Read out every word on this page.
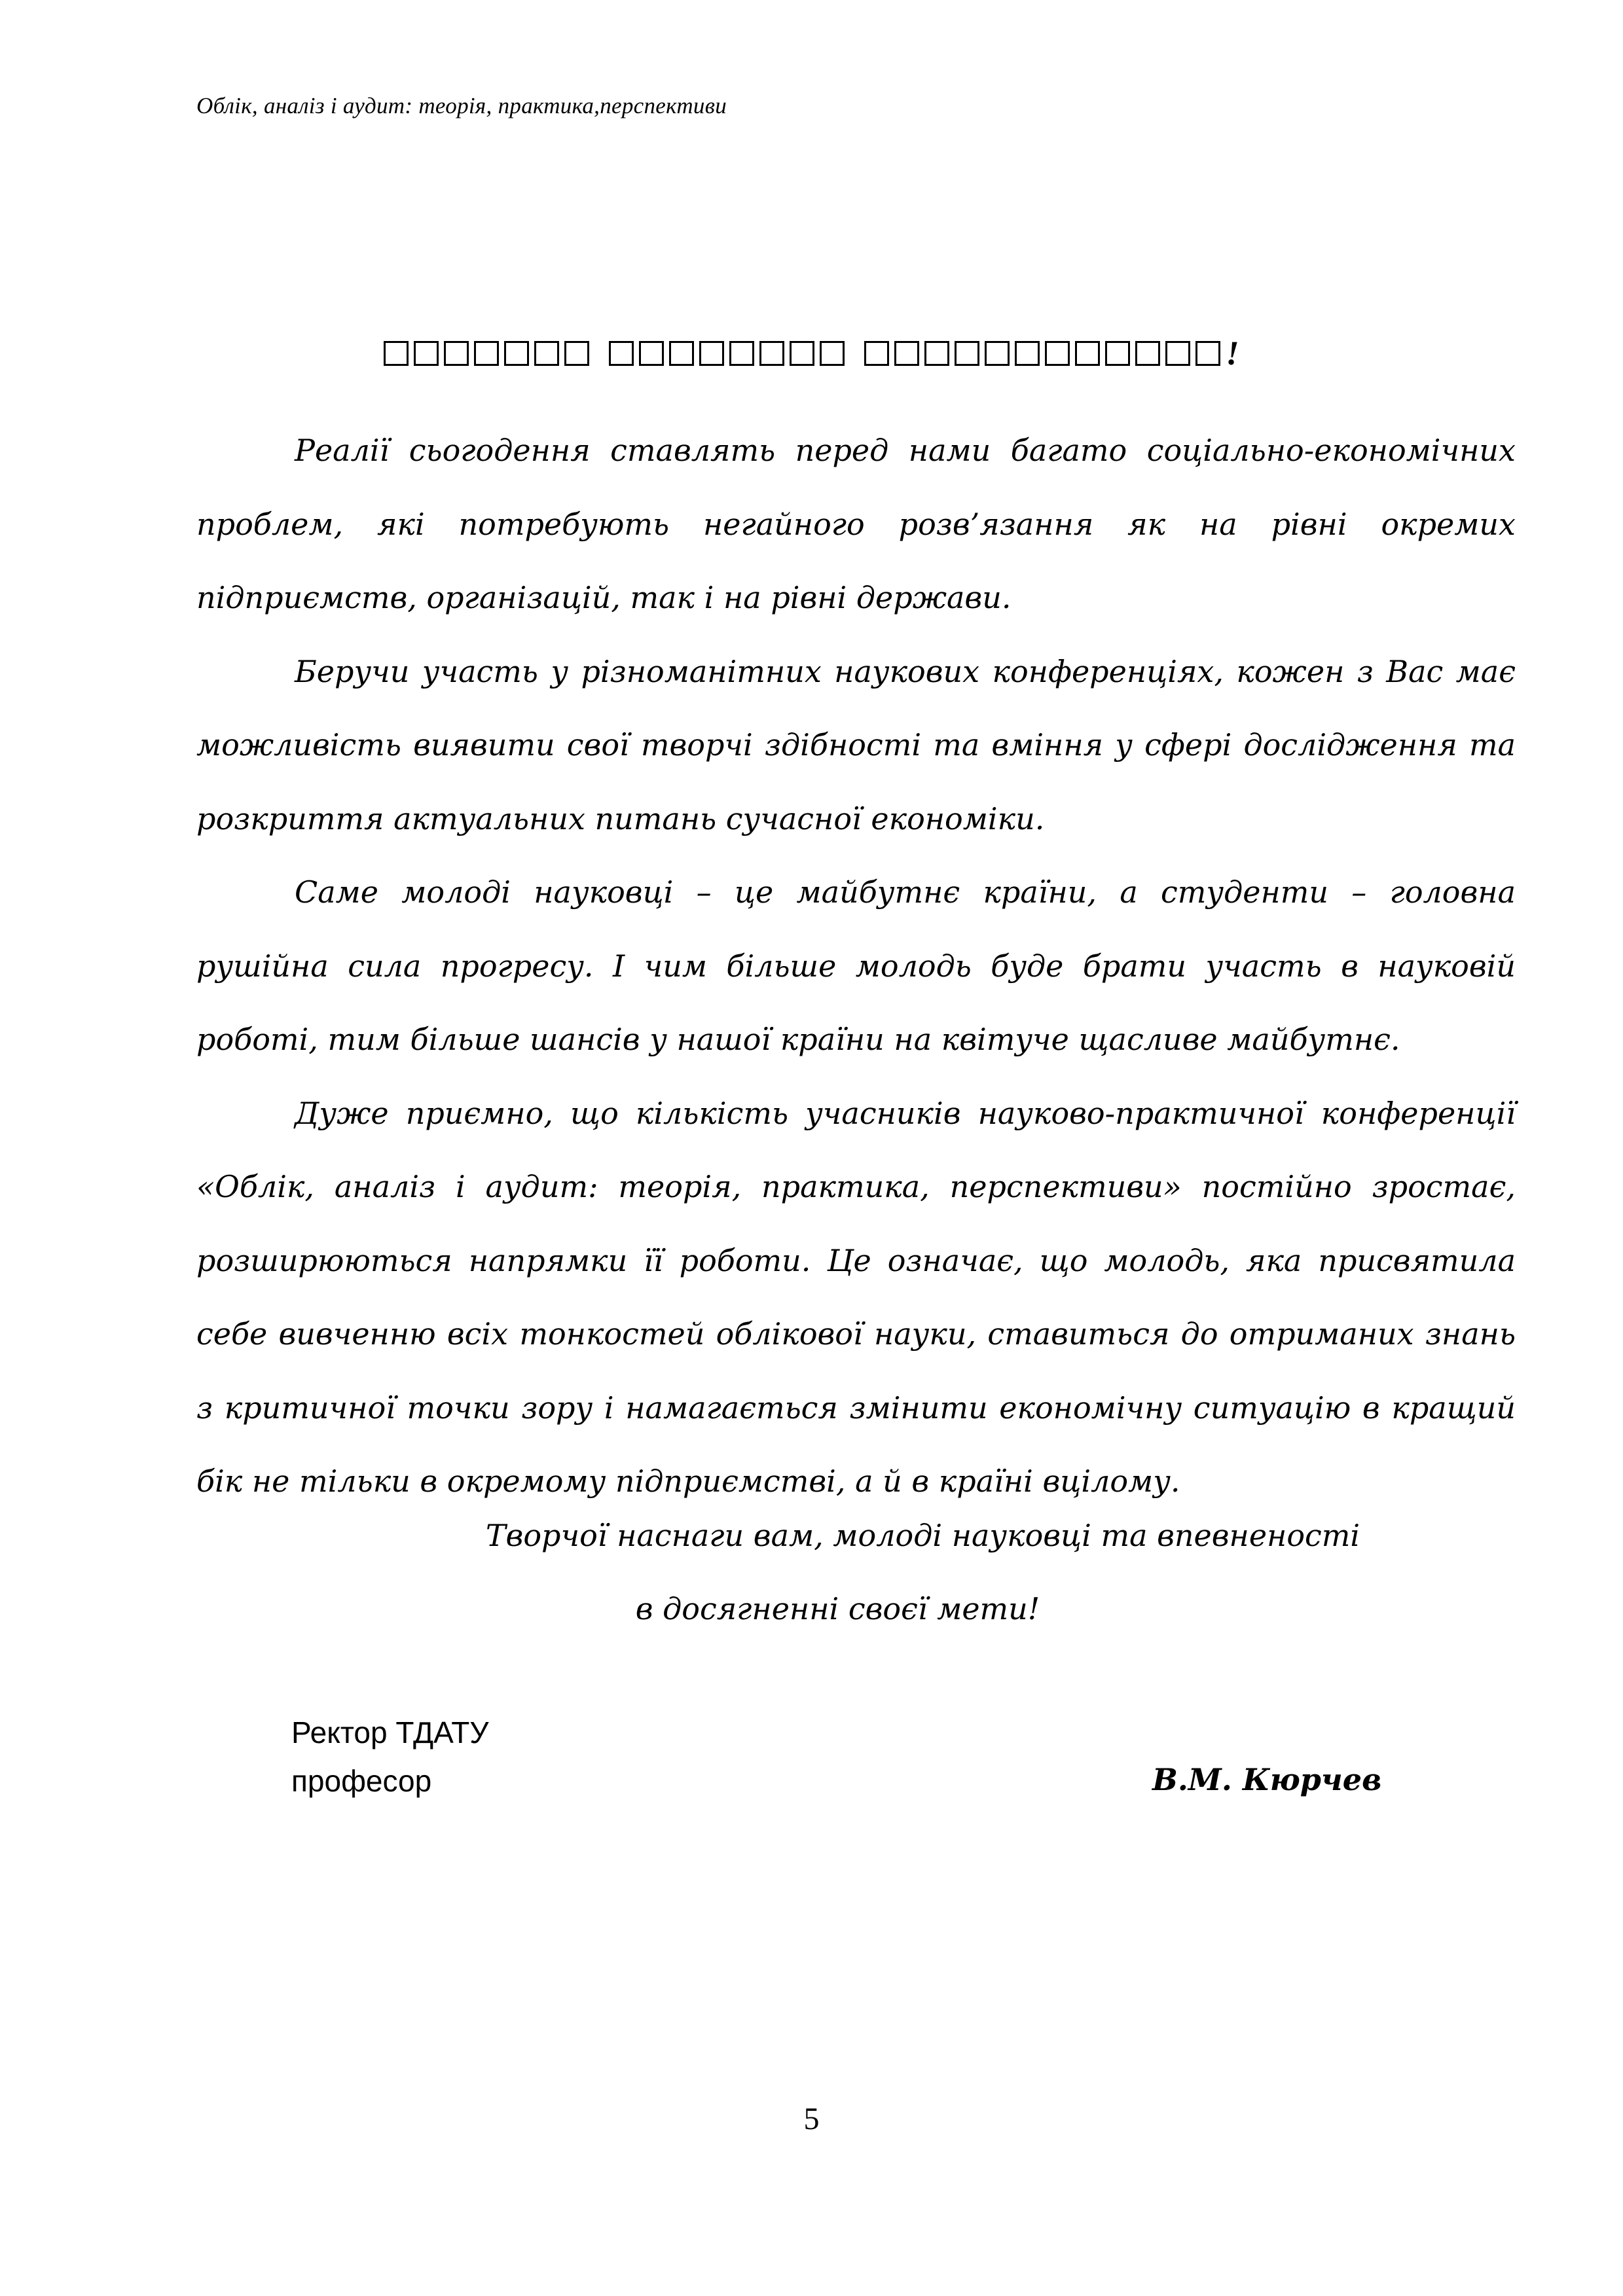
Облік, аналіз і аудит: теорія, практика,перспективи
!

Реалії сьогодення ставлять перед нами багато соціально-економічних проблем, які потребують негайного розв’язання як на рівні окремих підприємств, організацій, так і на рівні держави.

Беручи участь у різноманітних наукових конференціях, кожен з Вас має можливість виявити свої творчі здібності та вміння у сфері дослідження та розкриття актуальних питань сучасної економіки.

Саме молоді науковці – це майбутнє країни, а студенти – головна рушійна сила прогресу. І чим більше молодь буде брати участь в науковій роботі, тим більше шансів у нашої країни на квітуче щасливе майбутнє.

Дуже приємно, що кількість учасників науково-практичної конференції «Облік, аналіз і аудит: теорія, практика, перспективи» постійно зростає, розширюються напрямки її роботи. Це означає, що молодь, яка присвятила себе вивченню всіх тонкостей облікової науки, ставиться до отриманих знань з критичної точки зору і намагається змінити економічну ситуацію в кращий бік не тільки в окремому підприємстві, а й в країні вцілому.

Творчої наснаги вам, молоді науковці та впевненості
в досягненні своєї мети!
Ректор ТДАТУ
професор	В.М. Кюрчев
5
